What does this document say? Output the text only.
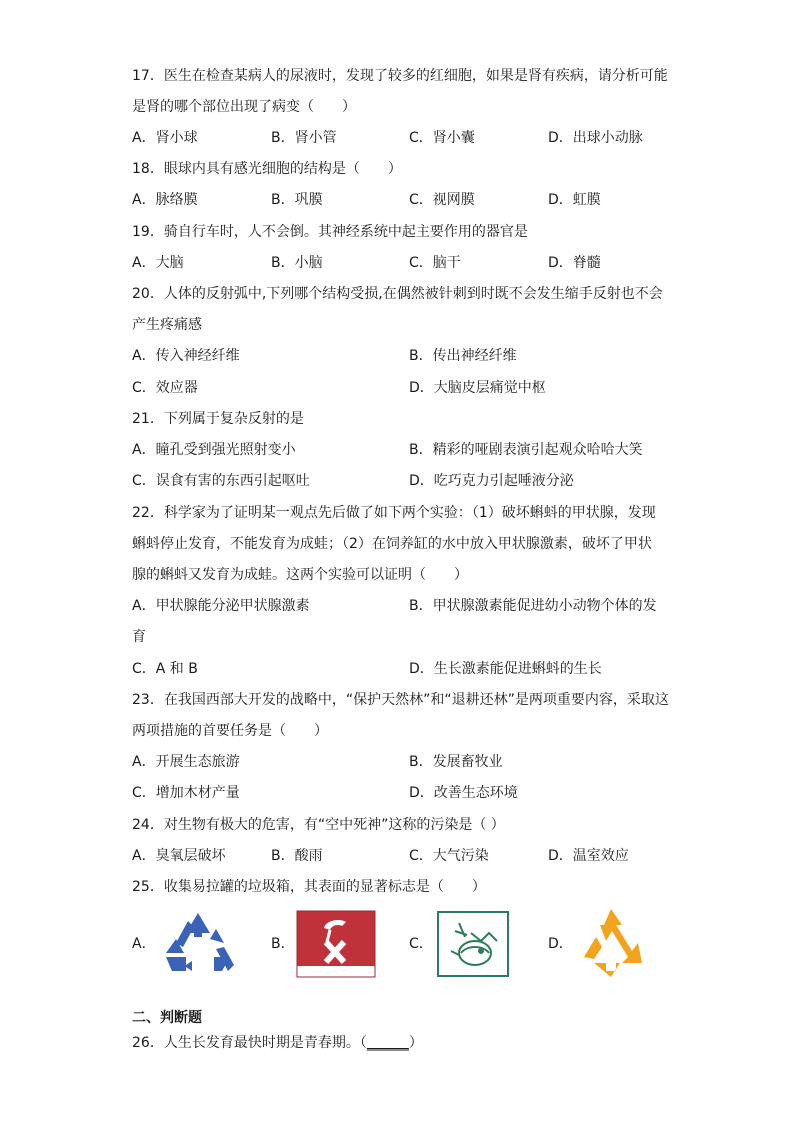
17．医生在检查某病人的尿液时，发现了较多的红细胞，如果是肾有疾病，请分析可能
是肾的哪个部位出现了病变（　　）
A．肾小球	B．肾小管	C．肾小囊	D．出球小动脉
18．眼球内具有感光细胞的结构是（　　）
A．脉络膜	B．巩膜	C．视网膜	D．虹膜
19．骑自行车时，人不会倒。其神经系统中起主要作用的器官是
A．大脑	B．小脑	C．脑干	D．脊髓
20．人体的反射弧中,下列哪个结构受损,在偶然被针刺到时既不会发生缩手反射也不会
产生疼痛感
A．传入神经纤维	B．传出神经纤维
C．效应器	D．大脑皮层痛觉中枢
21．下列属于复杂反射的是
A．瞳孔受到强光照射变小	B．精彩的哑剧表演引起观众哈哈大笑
C．误食有害的东西引起呕吐	D．吃巧克力引起唾液分泌
22．科学家为了证明某一观点先后做了如下两个实验：（1）破坏蝌蚪的甲状腺，发现
蝌蚪停止发育，不能发育为成蛙；（2）在饲养缸的水中放入甲状腺激素，破坏了甲状
腺的蝌蚪又发育为成蛙。这两个实验可以证明（　　）
A．甲状腺能分泌甲状腺激素	B．甲状腺激素能促进幼小动物个体的发
育
C．A 和 B	D．生长激素能促进蝌蚪的生长
23．在我国西部大开发的战略中，“保护天然林”和“退耕还林”是两项重要内容，采取这
两项措施的首要任务是（　　）
A．开展生态旅游	B．发展畜牧业
C．增加木材产量	D．改善生态环境
24．对生物有极大的危害，有“空中死神”这称的污染是（ ）
A．臭氧层破坏	B．酸雨	C．大气污染	D．温室效应
25．收集易拉罐的垃圾箱，其表面的显著标志是（　　）
A．	B．	C．	D．
二、判断题
26．人生长发育最快时期是青春期。（______）
